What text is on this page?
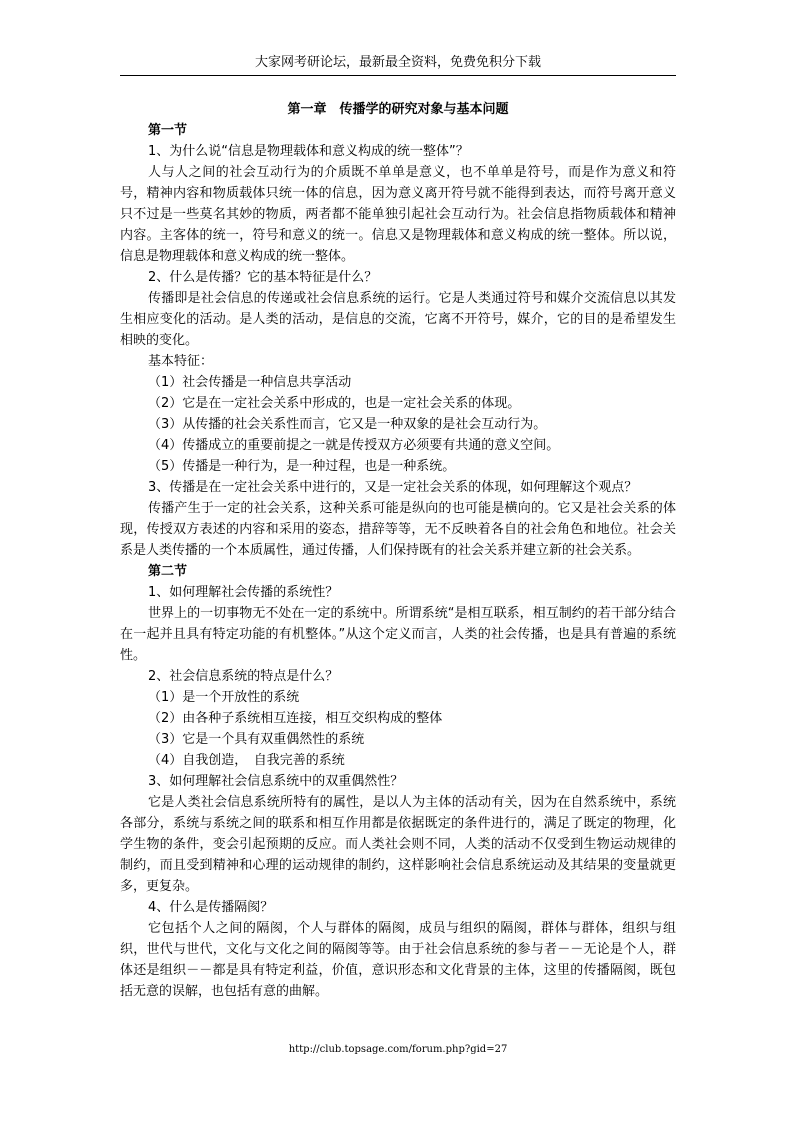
大家网考研论坛，最新最全资料，免费免积分下载

第一章　传播学的研究对象与基本问题

第一节

1、为什么说“信息是物理载体和意义构成的统一整体”？

人与人之间的社会互动行为的介质既不单单是意义，也不单单是符号，而是作为意义和符号，精神内容和物质载体只统一体的信息，因为意义离开符号就不能得到表达，而符号离开意义只不过是一些莫名其妙的物质，两者都不能单独引起社会互动行为。社会信息指物质载体和精神内容。主客体的统一，符号和意义的统一。信息又是物理载体和意义构成的统一整体。所以说，信息是物理载体和意义构成的统一整体。

2、什么是传播？它的基本特征是什么？

传播即是社会信息的传递或社会信息系统的运行。它是人类通过符号和媒介交流信息以其发生相应变化的活动。是人类的活动，是信息的交流，它离不开符号，媒介，它的目的是希望发生相映的变化。

基本特征：

（1）社会传播是一种信息共享活动

（2）它是在一定社会关系中形成的，也是一定社会关系的体现。

（3）从传播的社会关系性而言，它又是一种双象的是社会互动行为。

（4）传播成立的重要前提之一就是传授双方必须要有共通的意义空间。

（5）传播是一种行为，是一种过程，也是一种系统。

3、传播是在一定社会关系中进行的，又是一定社会关系的体现，如何理解这个观点？

传播产生于一定的社会关系，这种关系可能是纵向的也可能是横向的。它又是社会关系的体现，传授双方表述的内容和采用的姿态，措辞等等，无不反映着各自的社会角色和地位。社会关系是人类传播的一个本质属性，通过传播，人们保持既有的社会关系并建立新的社会关系。

第二节

1、如何理解社会传播的系统性？

世界上的一切事物无不处在一定的系统中。所谓系统“是相互联系，相互制约的若干部分结合在一起并且具有特定功能的有机整体。”从这个定义而言，人类的社会传播，也是具有普遍的系统性。

2、社会信息系统的特点是什么？

（1）是一个开放性的系统

（2）由各种子系统相互连接，相互交织构成的整体

（3）它是一个具有双重偶然性的系统

（4）自我创造，　自我完善的系统

3、如何理解社会信息系统中的双重偶然性？

它是人类社会信息系统所特有的属性，是以人为主体的活动有关，因为在自然系统中，系统各部分，系统与系统之间的联系和相互作用都是依据既定的条件进行的，满足了既定的物理，化学生物的条件，变会引起预期的反应。而人类社会则不同，人类的活动不仅受到生物运动规律的制约，而且受到精神和心理的运动规律的制约，这样影响社会信息系统运动及其结果的变量就更多，更复杂。

4、什么是传播隔阂？

它包括个人之间的隔阂，个人与群体的隔阂，成员与组织的隔阂，群体与群体，组织与组织，世代与世代，文化与文化之间的隔阂等等。由于社会信息系统的参与者－－无论是个人，群体还是组织－－都是具有特定利益，价值，意识形态和文化背景的主体，这里的传播隔阂，既包括无意的误解，也包括有意的曲解。

http://club.topsage.com/forum.php?gid=27
